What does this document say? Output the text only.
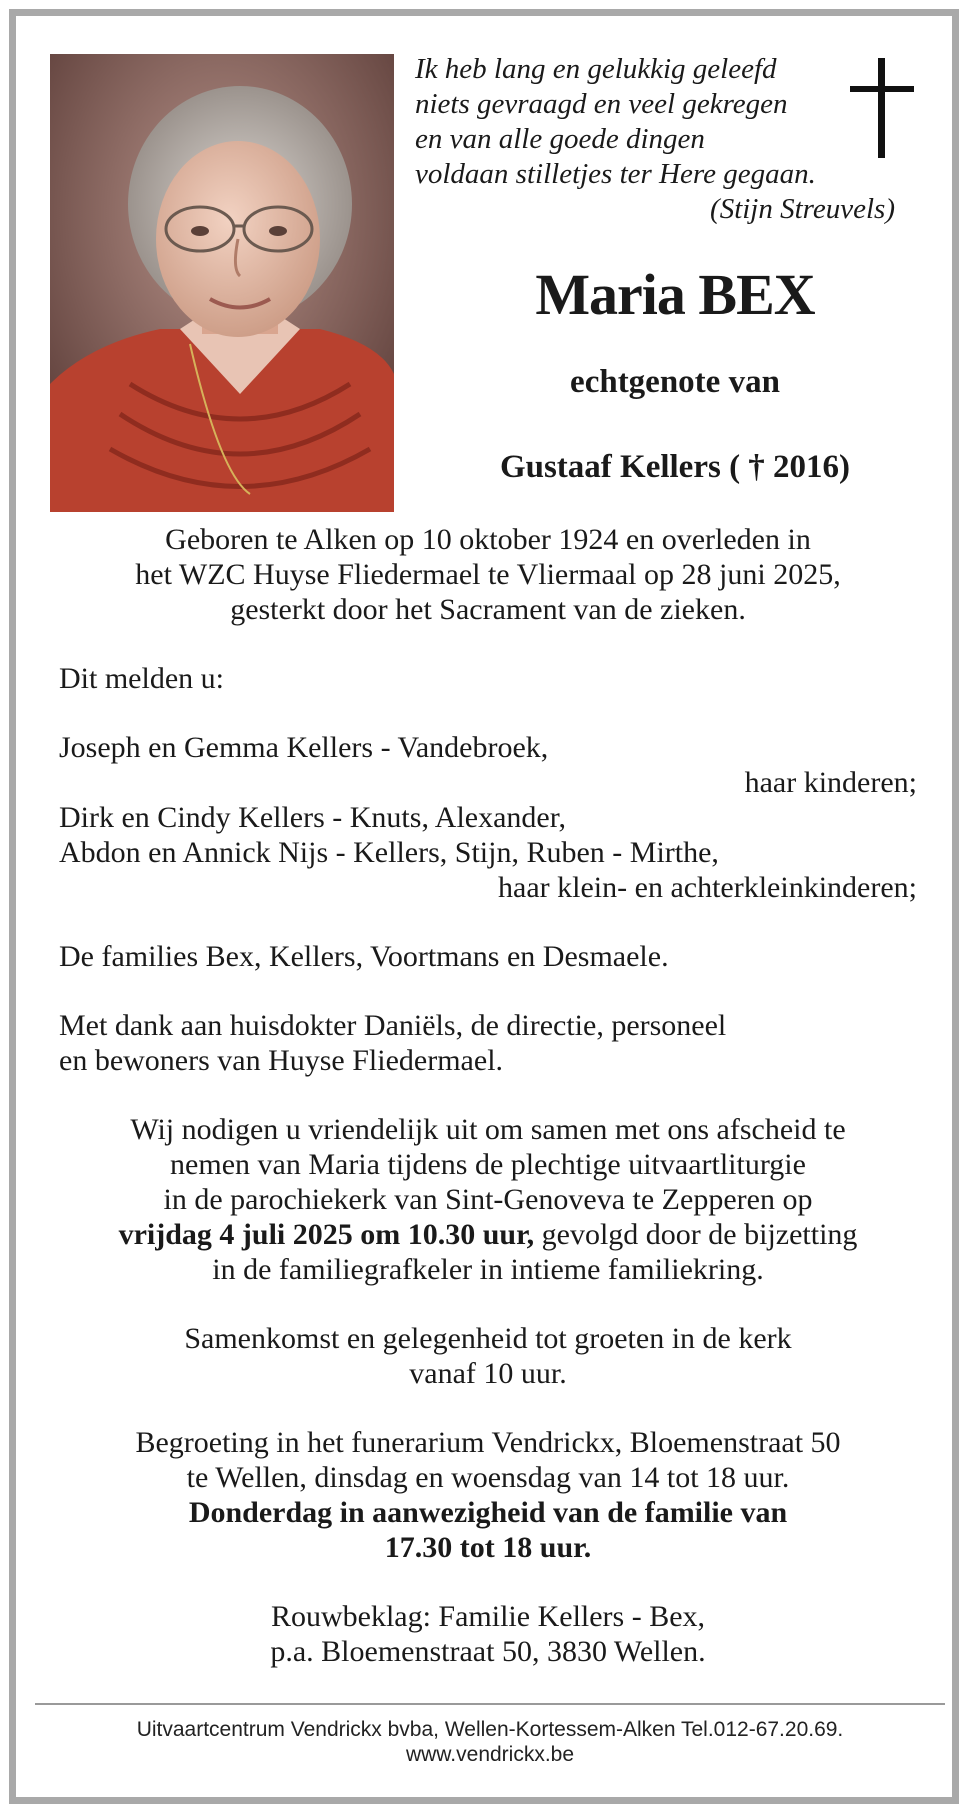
Ik heb lang en gelukkig geleefd
niets gevraagd en veel gekregen
en van alle goede dingen
voldaan stilletjes ter Here gegaan.
(Stijn Streuvels)
Maria BEX
echtgenote van
Gustaaf Kellers ( † 2016)

Geboren te Alken op 10 oktober 1924 en overleden in

het WZC Huyse Fliedermael te Vliermaal op 28 juni 2025,

gesterkt door het Sacrament van de zieken.

Dit melden u:

Joseph en Gemma Kellers - Vandebroek,

haar kinderen;

Dirk en Cindy Kellers - Knuts, Alexander,

Abdon en Annick Nijs - Kellers, Stijn, Ruben - Mirthe,

haar klein- en achterkleinkinderen;

De families Bex, Kellers, Voortmans en Desmaele.

Met dank aan huisdokter Daniëls, de directie, personeel

en bewoners van Huyse Fliedermael.

Wij nodigen u vriendelijk uit om samen met ons afscheid te

nemen van Maria tijdens de plechtige uitvaartliturgie

in de parochiekerk van Sint-Genoveva te Zepperen op

vrijdag 4 juli 2025 om 10.30 uur, gevolgd door de bijzetting

in de familiegrafkeler in intieme familiekring.

Samenkomst en gelegenheid tot groeten in de kerk

vanaf 10 uur.

Begroeting in het funerarium Vendrickx, Bloemenstraat 50

te Wellen, dinsdag en woensdag van 14 tot 18 uur.

Donderdag in aanwezigheid van de familie van

17.30 tot 18 uur.

Rouwbeklag: Familie Kellers - Bex,

p.a. Bloemenstraat 50, 3830 Wellen.

Uitvaartcentrum Vendrickx bvba, Wellen-Kortessem-Alken Tel.012-67.20.69.
www.vendrickx.be
